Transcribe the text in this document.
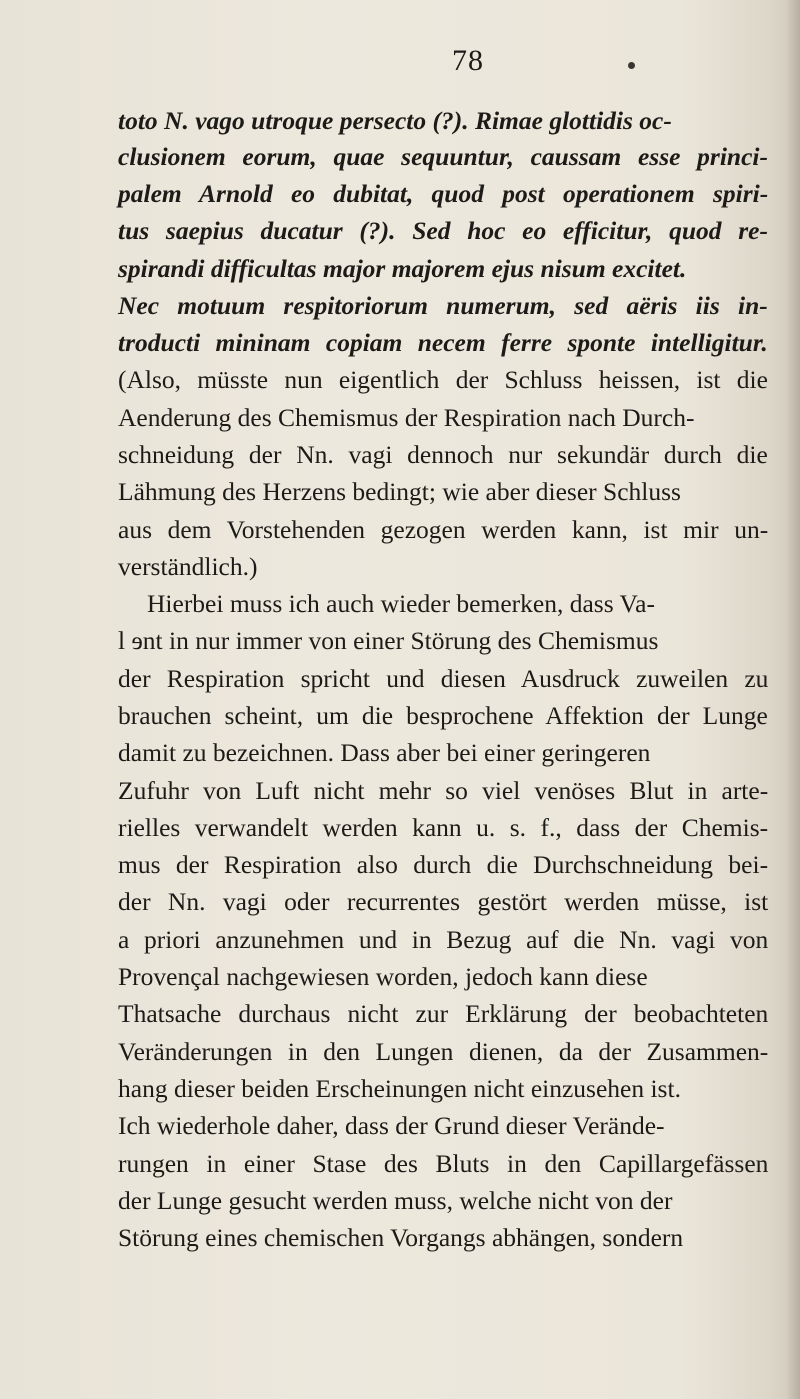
78
toto N. vago utroque persecto (?). Rimae glottidis oc-
clusionem eorum, quae sequuntur, caussam esse princi-
palem Arnold eo dubitat, quod post operationem spiri-
tus saepius ducatur (?). Sed hoc eo efficitur, quod re-
spirandi difficultas major majorem ejus nisum excitet.
Nec motuum respitoriorum numerum, sed aëris iis in-
troducti mininam copiam necem ferre sponte intelligitur.
(Also, müsste nun eigentlich der Schluss heissen, ist die
Aenderung des Chemismus der Respiration nach Durch-
schneidung der Nn. vagi dennoch nur sekundär durch die
Lähmung des Herzens bedingt; wie aber dieser Schluss
aus dem Vorstehenden gezogen werden kann, ist mir un-
verständlich.)
Hierbei muss ich auch wieder bemerken, dass Va-
l ɘnt in nur immer von einer Störung des Chemismus
der Respiration spricht und diesen Ausdruck zuweilen zu
brauchen scheint, um die besprochene Affektion der Lunge
damit zu bezeichnen. Dass aber bei einer geringeren
Zufuhr von Luft nicht mehr so viel venöses Blut in arte-
rielles verwandelt werden kann u. s. f., dass der Chemis-
mus der Respiration also durch die Durchschneidung bei-
der Nn. vagi oder recurrentes gestört werden müsse, ist
a priori anzunehmen und in Bezug auf die Nn. vagi von
Provençal nachgewiesen worden, jedoch kann diese
Thatsache durchaus nicht zur Erklärung der beobachteten
Veränderungen in den Lungen dienen, da der Zusammen-
hang dieser beiden Erscheinungen nicht einzusehen ist.
Ich wiederhole daher, dass der Grund dieser Verände-
rungen in einer Stase des Bluts in den Capillargefässen
der Lunge gesucht werden muss, welche nicht von der
Störung eines chemischen Vorgangs abhängen, sondern
